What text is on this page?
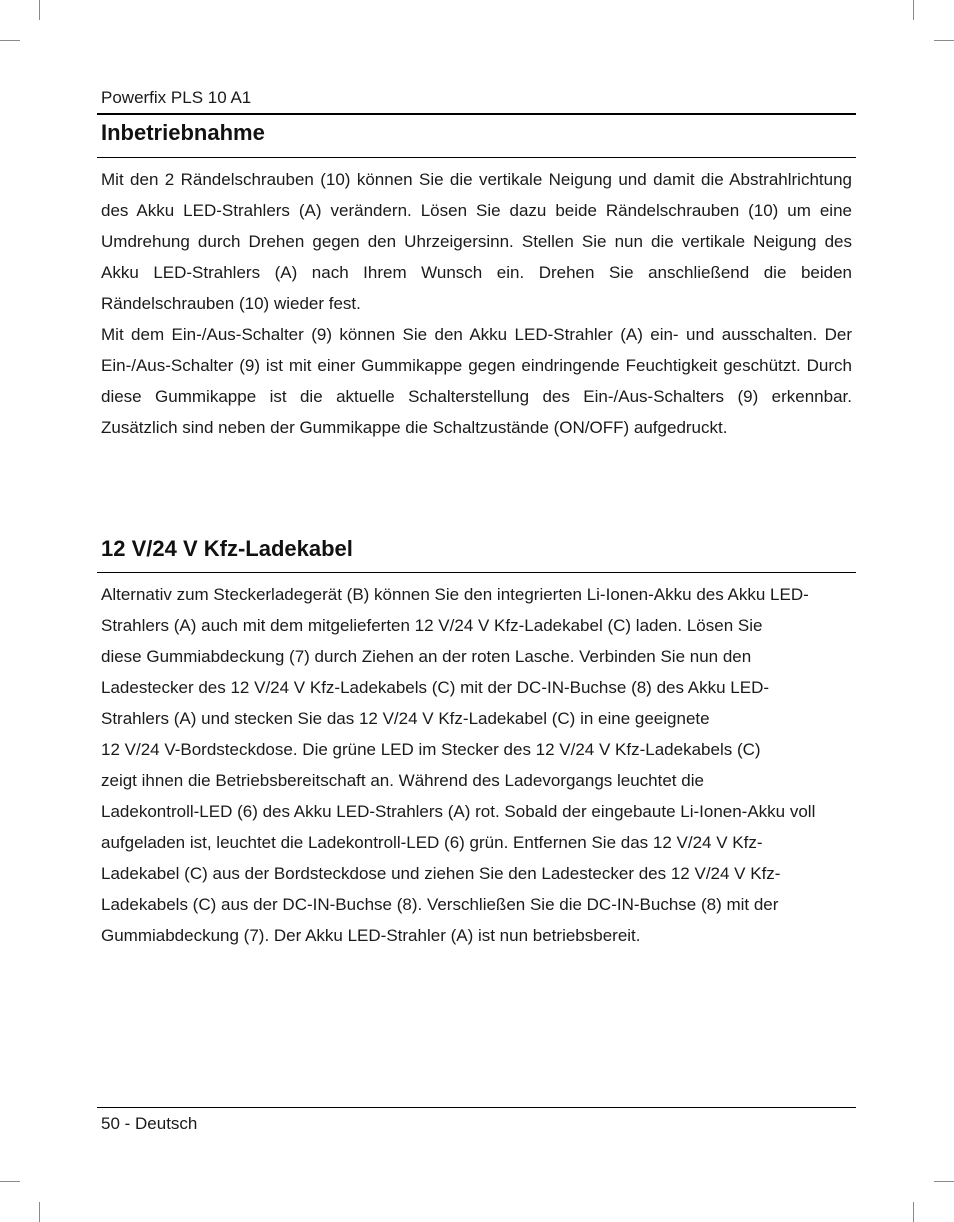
Powerfix PLS 10 A1
Inbetriebnahme

Mit den 2 Rändelschrauben (10) können Sie die vertikale Neigung und damit die Abstrahlrichtung des Akku LED-Strahlers (A) verändern. Lösen Sie dazu beide Rändelschrauben (10) um eine Umdrehung durch Drehen gegen den Uhrzeigersinn. Stellen Sie nun die vertikale Neigung des Akku LED-Strahlers (A) nach Ihrem Wunsch ein. Drehen Sie anschließend die beiden Rändelschrauben (10) wieder fest.

Mit dem Ein-/Aus-Schalter (9) können Sie den Akku LED-Strahler (A) ein- und ausschalten. Der Ein-/Aus-Schalter (9) ist mit einer Gummikappe gegen eindringende Feuchtigkeit geschützt. Durch diese Gummikappe ist die aktuelle Schalterstellung des Ein-/Aus-Schalters (9) erkennbar. Zusätzlich sind neben der Gummikappe die Schaltzustände (ON/OFF) aufgedruckt.

12 V/24 V Kfz-Ladekabel
Alternativ zum Steckerladegerät (B) können Sie den integrierten Li-Ionen-Akku des Akku LED-
Strahlers (A) auch mit dem mitgelieferten 12 V/24 V Kfz-Ladekabel (C) laden. Lösen Sie
diese Gummiabdeckung (7) durch Ziehen an der roten Lasche. Verbinden Sie nun den
Ladestecker des 12 V/24 V Kfz-Ladekabels (C) mit der DC-IN-Buchse (8) des Akku LED-
Strahlers (A) und stecken Sie das 12 V/24 V Kfz-Ladekabel (C) in eine geeignete
12 V/24 V-Bordsteckdose. Die grüne LED im Stecker des 12 V/24 V Kfz-Ladekabels (C)
zeigt ihnen die Betriebsbereitschaft an. Während des Ladevorgangs leuchtet die
Ladekontroll-LED (6) des Akku LED-Strahlers (A) rot. Sobald der eingebaute Li-Ionen-Akku voll
aufgeladen ist, leuchtet die Ladekontroll-LED (6) grün. Entfernen Sie das 12 V/24 V Kfz-
Ladekabel (C) aus der Bordsteckdose und ziehen Sie den Ladestecker des 12 V/24 V Kfz-
Ladekabels (C) aus der DC-IN-Buchse (8). Verschließen Sie die DC-IN-Buchse (8) mit der
Gummiabdeckung (7). Der Akku LED-Strahler (A) ist nun betriebsbereit.
50 - Deutsch
